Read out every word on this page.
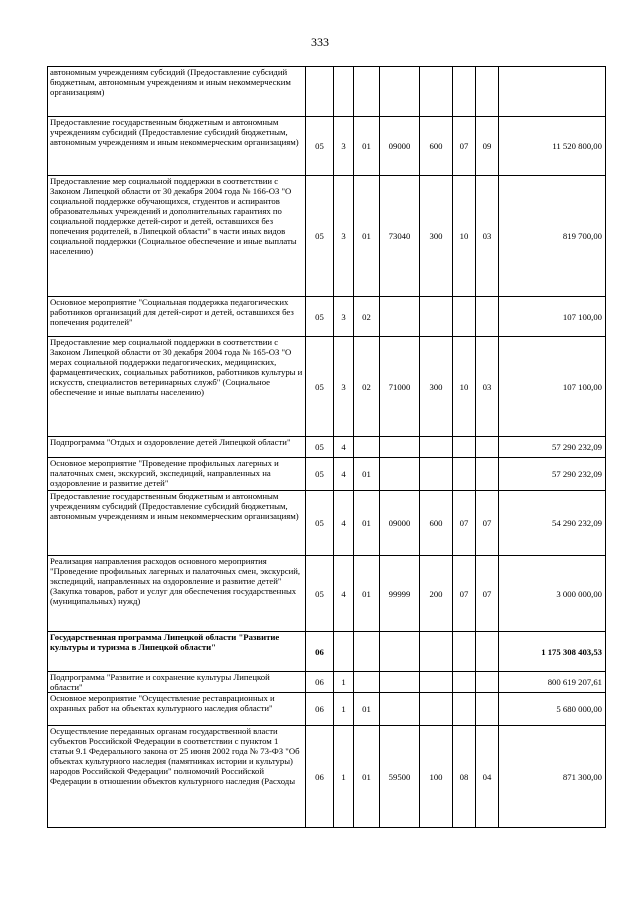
333
автономным учреждениям субсидий (Предоставление субсидий бюджетным, автономным учреждениям и иным некоммерческим организациям)								
Предоставление государственным бюджетным и автономным учреждениям субсидий (Предоставление субсидий бюджетным, автономным учреждениям и иным некоммерческим организациям)	05	3	01	09000	600	07	09	11 520 800,00
Предоставление мер социальной поддержки в соответствии с Законом Липецкой области от 30 декабря 2004 года № 166-ОЗ "О социальной поддержке обучающихся, студентов и аспирантов образовательных учреждений и дополнительных гарантиях по социальной поддержке детей-сирот и детей, оставшихся без попечения родителей, в Липецкой области" в части иных видов социальной поддержки (Социальное обеспечение и иные выплаты населению)	05	3	01	73040	300	10	03	819 700,00
Основное мероприятие "Социальная поддержка педагогических работников организаций для детей-сирот и детей, оставшихся без попечения родителей"	05	3	02					107 100,00
Предоставление мер социальной поддержки в соответствии с Законом Липецкой области от 30 декабря 2004 года № 165-ОЗ "О мерах социальной поддержки педагогических, медицинских, фармацевтических, социальных работников, работников культуры и искусств, специалистов ветеринарных служб" (Социальное обеспечение и иные выплаты населению)	05	3	02	71000	300	10	03	107 100,00
Подпрограмма "Отдых и оздоровление детей Липецкой области"	05	4						57 290 232,09
Основное мероприятие "Проведение профильных лагерных и палаточных смен, экскурсий, экспедиций, направленных на оздоровление и развитие детей"	05	4	01					57 290 232,09
Предоставление государственным бюджетным и автономным учреждениям субсидий (Предоставление субсидий бюджетным, автономным учреждениям и иным некоммерческим организациям)	05	4	01	09000	600	07	07	54 290 232,09
Реализация направления расходов основного мероприятия "Проведение профильных лагерных и палаточных смен, экскурсий, экспедиций, направленных на оздоровление и развитие детей" (Закупка товаров, работ и услуг для обеспечения государственных (муниципальных) нужд)	05	4	01	99999	200	07	07	3 000 000,00
Государственная программа Липецкой области "Развитие культуры и туризма в Липецкой области"	06							1 175 308 403,53
Подпрограмма "Развитие и сохранение культуры Липецкой области"	06	1						800 619 207,61
Основное мероприятие "Осуществление реставрационных и охранных работ на объектах культурного наследия области"	06	1	01					5 680 000,00
Осуществление переданных органам государственной власти субъектов Российской Федерации в соответствии с пунктом 1 статьи 9.1 Федерального закона от 25 июня 2002 года № 73-ФЗ "Об объектах культурного наследия (памятниках истории и культуры) народов Российской Федерации" полномочий Российской Федерации в отношении объектов культурного наследия (Расходы	06	1	01	59500	100	08	04	871 300,00
